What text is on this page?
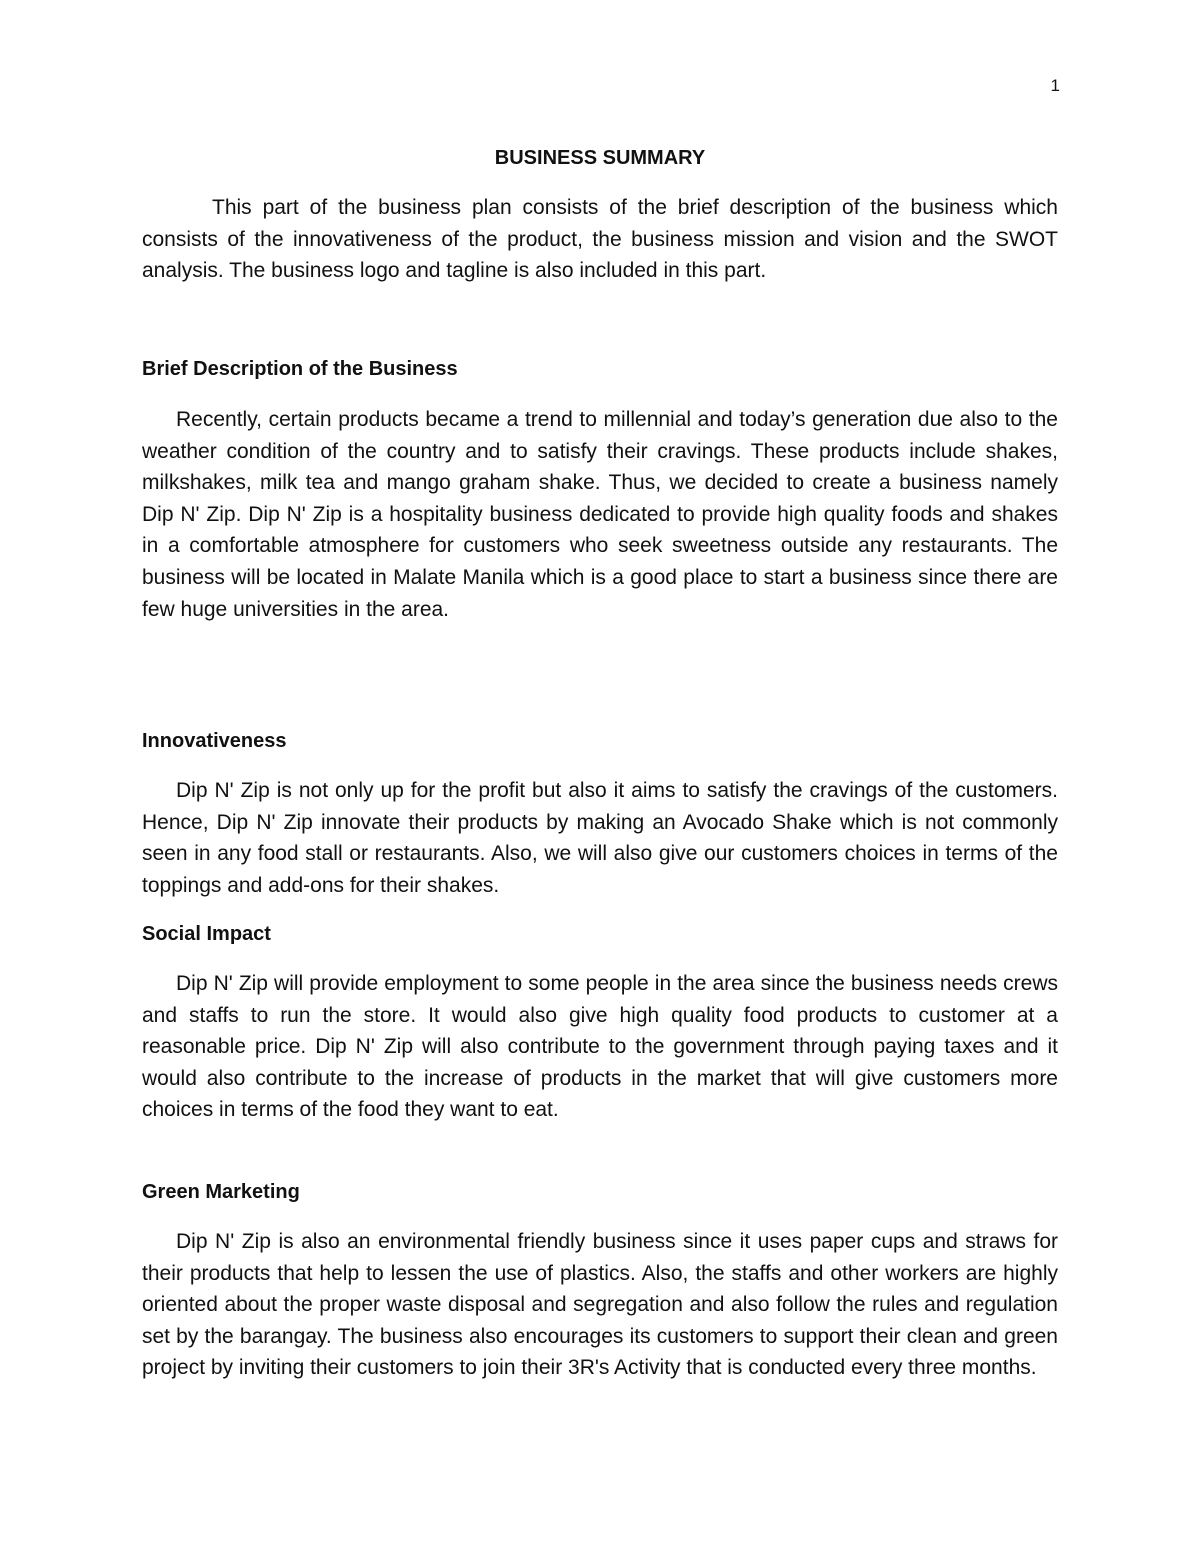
1
BUSINESS SUMMARY

This part of the business plan consists of the brief description of the business which consists of the innovativeness of the product, the business mission and vision and the SWOT analysis. The business logo and tagline is also included in this part.

Brief Description of the Business

Recently, certain products became a trend to millennial and today’s generation due also to the weather condition of the country and to satisfy their cravings. These products include shakes, milkshakes, milk tea and mango graham shake. Thus, we decided to create a business namely Dip N' Zip. Dip N' Zip is a hospitality business dedicated to provide high quality foods and shakes in a comfortable atmosphere for customers who seek sweetness outside any restaurants. The business will be located in Malate Manila which is a good place to start a business since there are few huge universities in the area.

Innovativeness

Dip N' Zip is not only up for the profit but also it aims to satisfy the cravings of the customers. Hence, Dip N' Zip innovate their products by making an Avocado Shake which is not commonly seen in any food stall or restaurants. Also, we will also give our customers choices in terms of the toppings and add-ons for their shakes.

Social Impact

Dip N' Zip will provide employment to some people in the area since the business needs crews and staffs to run the store. It would also give high quality food products to customer at a reasonable price. Dip N' Zip will also contribute to the government through paying taxes and it would also contribute to the increase of products in the market that will give customers more choices in terms of the food they want to eat.

Green Marketing

Dip N' Zip is also an environmental friendly business since it uses paper cups and straws for their products that help to lessen the use of plastics. Also, the staffs and other workers are highly oriented about the proper waste disposal and segregation and also follow the rules and regulation set by the barangay. The business also encourages its customers to support their clean and green project by inviting their customers to join their 3R's Activity that is conducted every three months.
